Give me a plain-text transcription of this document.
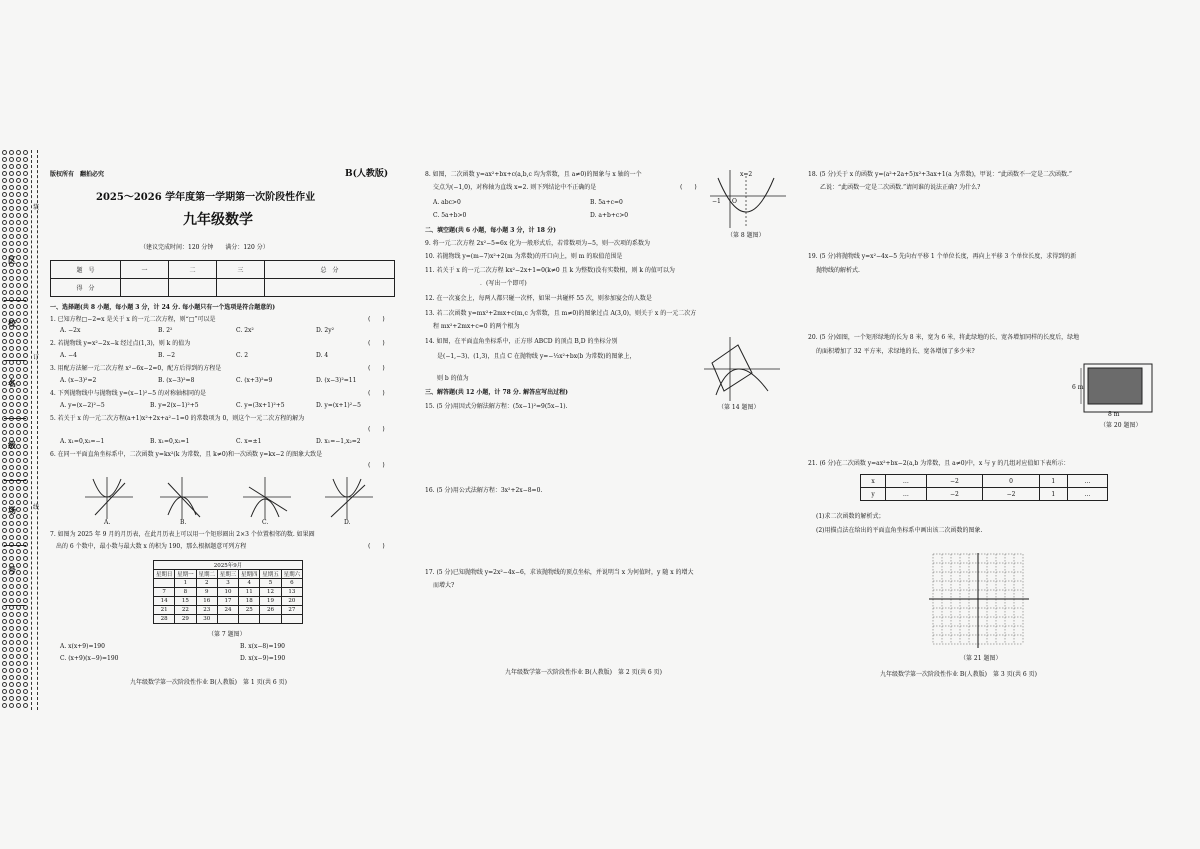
区
校
名
级
场
号
装
订
线
版权所有　翻拍必究	B(人教版)
2025～2026 学年度第一学期第一次阶段性作业
九年级数学
（建议完成时间：120 分钟　　满分：120 分）
题　号	一	二	三	总　分
得　分				
一、选择题(共 8 小题，每小题 3 分，计 24 分. 每小题只有一个选项是符合题意的)
1. 已知方程□−2=x 是关于 x 的一元二次方程，则“□”可以是	(　　)
A. −2x	B. 2²	C. 2x²	D. 2y²
2. 若抛物线 y=x²−2x−k 经过点(1,3)，则 k 的值为	(　　)
A. −4	B. −2	C. 2	D. 4
3. 用配方法解一元二次方程 x²−6x−2=0，配方后得到的方程是	(　　)
A. (x−3)²=2	B. (x−3)²=8	C. (x+3)²=9	D. (x−3)²=11
4. 下列抛物线中与抛物线 y=(x−1)²−5 的对称轴相同的是	(　　)
A. y=(x−2)²−5	B. y=2(x−1)²+5	C. y=(3x+1)²+5	D. y=(x+1)²−5
5. 若关于 x 的一元二次方程(a+1)x²+2x+a²−1=0 的常数项为 0，则这个一元二次方程的解为
(　　)
A. x₁=0,x₂=−1	B. x₁=0,x₂=1	C. x=±1	D. x₁=−1,x₂=2
6. 在同一平面直角坐标系中，二次函数 y=kx²(k 为常数，且 k≠0)和一次函数 y=kx−2 的图象大致是
(　　)
A.	B.	C.	D.
7. 如图为 2025 年 9 月的月历表，在此月历表上可以用一个矩形圈出 2×3 个位置相邻的数. 如果圈
出的 6 个数中，最小数与最大数 x 的积为 190，那么根据题意可列方程	(　　)
2025年9月						
星期日	星期一	星期二	星期三	星期四	星期五	星期六
	1	2	3	4	5	6
7	8	9	10	11	12	13
14	15	16	17	18	19	20
21	22	23	24	25	26	27
28	29	30				
（第 7 题图）
A. x(x+9)=190	B. x(x−8)=190
C. (x+9)(x−9)=190	D. x(x−9)=190
九年级数学第一次阶段性作业 B(人教版)　第 1 页(共 6 页)
8. 如图，二次函数 y=ax²+bx+c(a,b,c 均为常数，且 a≠0)的图象与 x 轴的一个
交点为(−1,0)，对称轴为直线 x=2. 则下列结论中不正确的是	(　　)
A. abc>0	B. 5a+c=0
C. 5a+b>0	D. a+b+c>0
x=2
−1 O
（第 8 题图）
二、填空题(共 6 小题，每小题 3 分，计 18 分)
9. 将一元二次方程 2x²−5=6x 化为一般形式后，若常数项为−5，则一次项的系数为
10. 若抛物线 y=(m−7)x²+2(m 为常数)的开口向上，则 m 的取值范围是
11. 若关于 x 的一元二次方程 kx²−2x+1=0(k≠0 且 k 为整数)没有实数根，则 k 的值可以为
．(写出一个即可)
12. 在一次宴会上，每两人都只碰一次杯，如果一共碰杯 55 次，则参加宴会的人数是
13. 若二次函数 y=mx²+2mx+c(m,c 为常数，且 m≠0)的图象过点 A(3,0)，则关于 x 的一元二次方
程 mx²+2mx+c=0 的两个根为
14. 如图，在平面直角坐标系中，正方形 ABCD 的顶点 B,D 的坐标分别
是(−1,−3)、(1,3)，且点 C 在抛物线 y=−⅓x²+bx(b 为常数)的图象上，
则 b 的值为
（第 14 题图）
三、解答题(共 12 小题，计 78 分. 解答应写出过程)
15. (5 分)用因式分解法解方程：(5x−1)²=9(5x−1).
16. (5 分)用公式法解方程：3x²+2x−8=0.
17. (5 分)已知抛物线 y=2x²−4x−6，求该抛物线的顶点坐标，并说明当 x 为何值时，y 随 x 的增大
而增大?
九年级数学第一次阶段性作业 B(人教版)　第 2 页(共 6 页)
18. (5 分)关于 x 的函数 y=(a²+2a+5)x²+3ax+1(a 为常数)，甲说：“此函数不一定是二次函数.”
乙说：“此函数一定是二次函数.”请问谁的说法正确? 为什么?
19. (5 分)将抛物线 y=x²−4x−5 先向右平移 1 个单位长度，再向上平移 3 个单位长度，求得到的新
抛物线的解析式.
20. (5 分)如图，一个矩形绿地的长为 8 米，宽为 6 米，将此绿地的长、宽各增加同样的长度后，绿地
的面积增加了 32 平方米，求绿地的长、宽各增加了多少米?
8 m
6 m
（第 20 题图）
21. (6 分)在二次函数 y=ax²+bx−2(a,b 为常数，且 a≠0)中，x 与 y 的几组对应值如下表所示：
x	…	−2	0	1	…
y	…	−2	−2	1	…
(1)求二次函数的解析式；
(2)用描点法在给出的平面直角坐标系中画出该二次函数的图象.
（第 21 题图）
九年级数学第一次阶段性作业 B(人教版)　第 3 页(共 6 页)
